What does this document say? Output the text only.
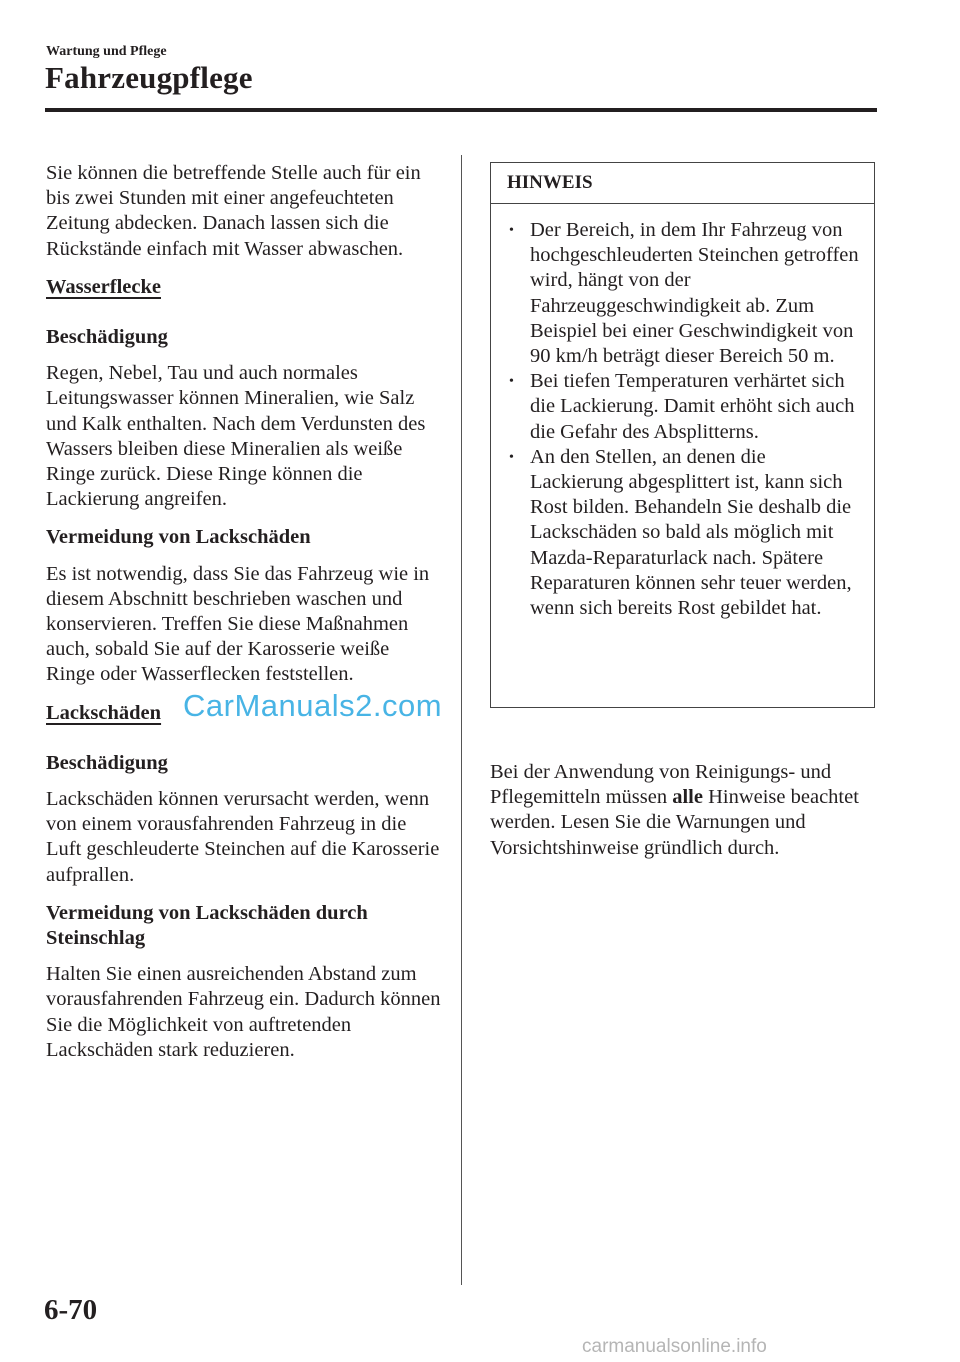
Wartung und Pflege
Fahrzeugpflege

Sie können die betreffende Stelle auch für ein bis zwei Stunden mit einer angefeuchteten Zeitung abdecken. Danach lassen sich die Rückstände einfach mit Wasser abwaschen.

Wasserflecke

Beschädigung

Regen, Nebel, Tau und auch normales Leitungswasser können Mineralien, wie Salz und Kalk enthalten. Nach dem Verdunsten des Wassers bleiben diese Mineralien als weiße Ringe zurück. Diese Ringe können die Lackierung angreifen.

Vermeidung von Lackschäden

Es ist notwendig, dass Sie das Fahrzeug wie in diesem Abschnitt beschrieben waschen und konservieren. Treffen Sie diese Maßnahmen auch, sobald Sie auf der Karosserie weiße Ringe oder Wasserflecken feststellen.

Lackschäden

Beschädigung

Lackschäden können verursacht werden, wenn von einem vorausfahrenden Fahrzeug in die Luft geschleuderte Steinchen auf die Karosserie aufprallen.

Vermeidung von Lackschäden durch Steinschlag

Halten Sie einen ausreichenden Abstand zum vorausfahrenden Fahrzeug ein. Dadurch können Sie die Möglichkeit von auftretenden Lackschäden stark reduzieren.

HINWEIS
• Der Bereich, in dem Ihr Fahrzeug von hochgeschleuderten Steinchen getroffen wird, hängt von der Fahrzeuggeschwindigkeit ab. Zum Beispiel bei einer Geschwindigkeit von 90 km/h beträgt dieser Bereich 50 m.
• Bei tiefen Temperaturen verhärtet sich die Lackierung. Damit erhöht sich auch die Gefahr des Absplitterns.
• An den Stellen, an denen die Lackierung abgesplittert ist, kann sich Rost bilden. Behandeln Sie deshalb die Lackschäden so bald als möglich mit Mazda-Reparaturlack nach. Spätere Reparaturen können sehr teuer werden, wenn sich bereits Rost gebildet hat.

Bei der Anwendung von Reinigungs- und Pflegemitteln müssen alle Hinweise beachtet werden. Lesen Sie die Warnungen und Vorsichtshinweise gründlich durch.

CarManuals2.com
6-70
carmanualsonline.info
